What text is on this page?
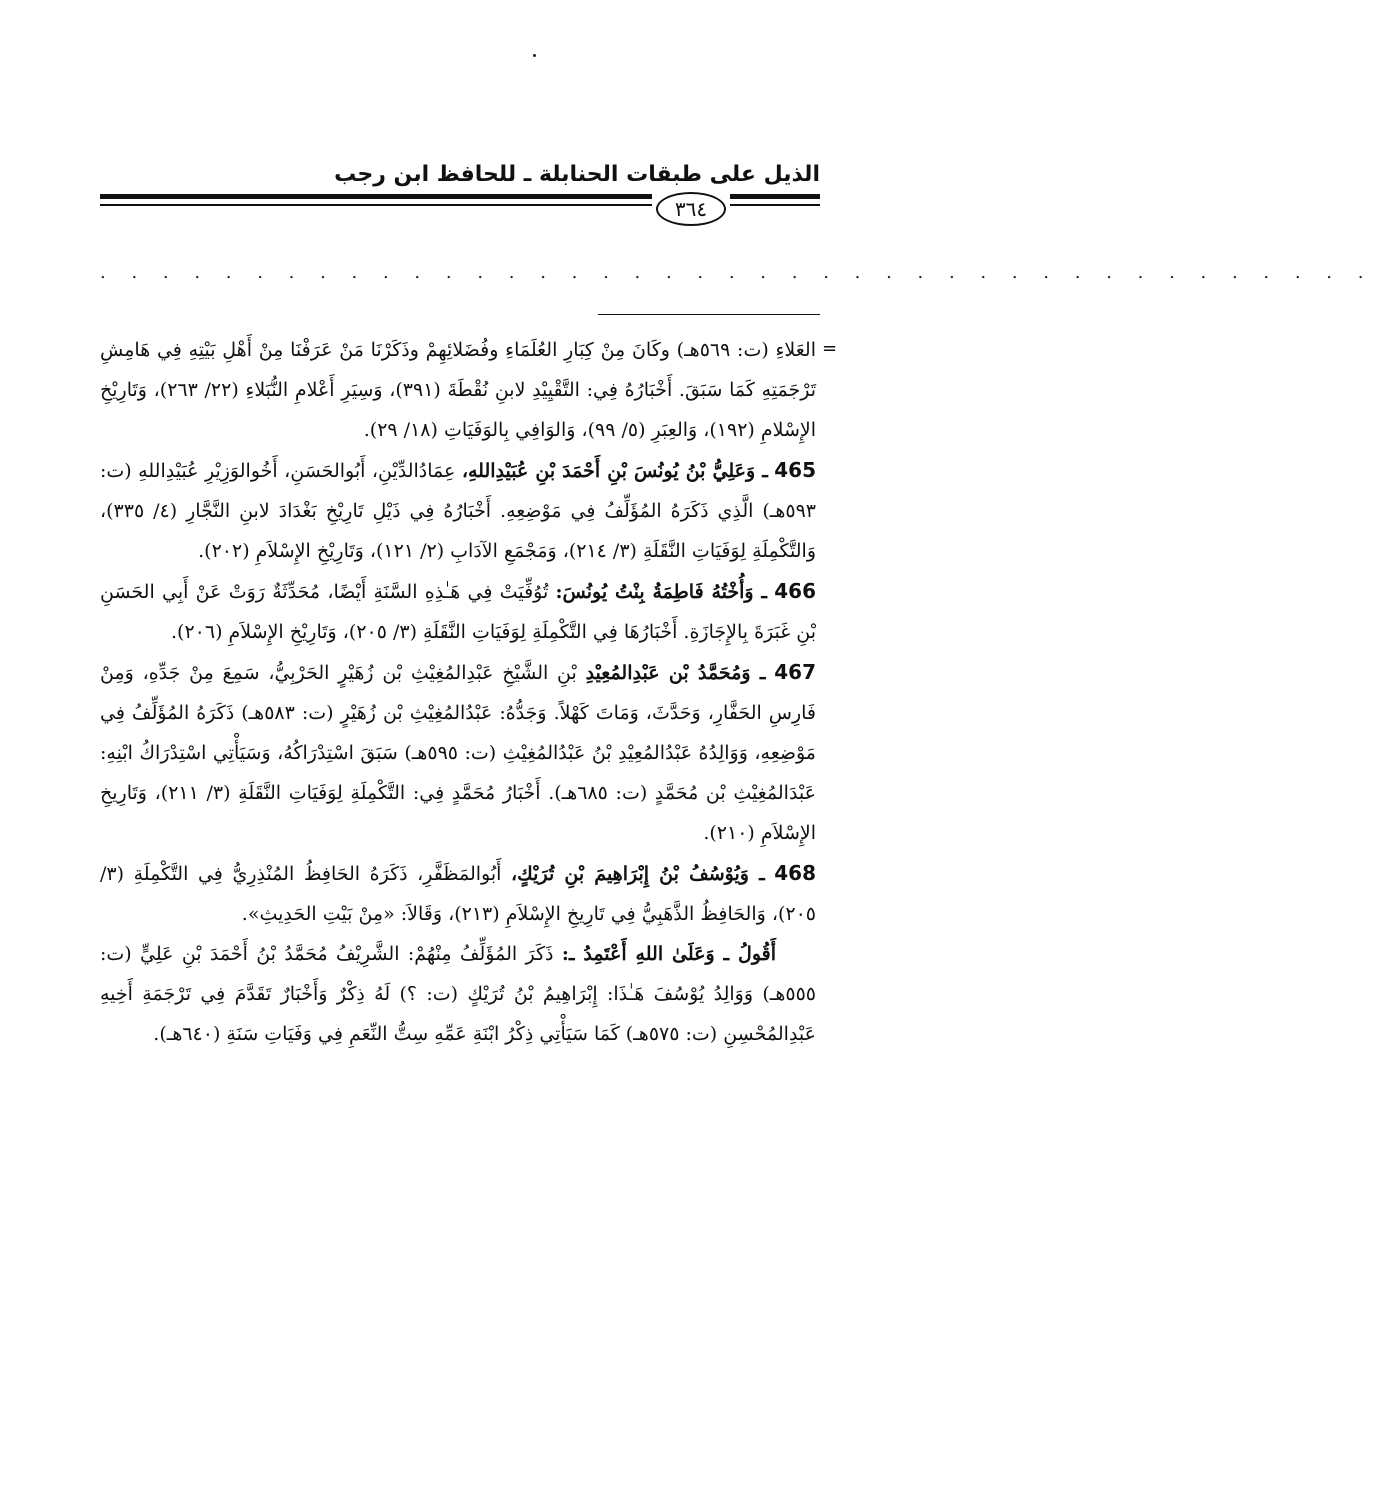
الذيل على طبقات الحنابلة ـ للحافظ ابن رجب
٣٦٤
. . . . . . . . . . . . . . . . . . . . . . . . . . . . . . . . . . . . . . . . .
=

العَلاءِ (ت: ٥٦٩هـ) وكَانَ مِنْ كِبَارِ العُلَمَاءِ وفُضَلائِهِمْ وذَكَرْنَا مَنْ عَرَفْنَا مِنْ أَهْلِ بَيْتِهِ فِي هَامِشِ تَرْجَمَتِهِ كَمَا سَبَقَ. أَخْبَارُهُ فِي: التَّقْيِيْدِ لابنِ نُقْطَةَ (٣٩١)، وَسِيَرِ أَعْلامِ النُّبَلاءِ (٢٢/ ٢٦٣)، وَتَارِيْخِ الإِسْلامِ (١٩٢)، وَالعِبَرِ (٥/ ٩٩)، وَالوَافِي بِالوَفَيَاتِ (١٨/ ٢٩).

465 ـ وَعَلِيُّ بْنُ يُونُسَ بْنِ أَحْمَدَ بْنِ عُبَيْدِاللهِ، عِمَادُالدِّيْنِ، أَبُوالحَسَنِ، أَخُوالوَزِيْرِ عُبَيْدِاللهِ (ت: ٥٩٣هـ) الَّذِي ذَكَرَهُ المُؤَلِّفُ فِي مَوْضِعِهِ. أَخْبَارُهُ فِي ذَيْلِ تَارِيْخِ بَغْدَادَ لابنِ النَّجَّارِ (٤/ ٣٣٥)، وَالتَّكْمِلَةِ لِوَفَيَاتِ النَّقَلَةِ (٣/ ٢١٤)، وَمَجْمَعِ الآدَابِ (٢/ ١٢١)، وَتَارِيْخِ الإِسْلاَمِ (٢٠٢).

466 ـ وَأُخْتُهُ فَاطِمَةُ بِنْتُ يُونُسَ: تُوُفِّيَتْ فِي هَـٰذِهِ السَّنَةِ أَيْضًا، مُحَدِّثَةٌ رَوَتْ عَنْ أَبِي الحَسَنِ بْنِ غَبَرَةَ بِالإِجَازَةِ. أَخْبَارُهَا فِي التَّكْمِلَةِ لِوَفَيَاتِ النَّقَلَةِ (٣/ ٢٠٥)، وَتَارِيْخِ الإِسْلاَمِ (٢٠٦).

467 ـ وَمُحَمَّدُ بْن عَبْدِالمُعِيْدِ بْنِ الشَّيْخِ عَبْدِالمُغِيْثِ بْن زُهَيْرٍ الحَرْبِيُّ، سَمِعَ مِنْ جَدِّهِ، وَمِنْ فَارِسِ الحَفَّارِ، وَحَدَّثَ، وَمَاتَ كَهْلاً. وَجَدُّهُ: عَبْدُالمُغِيْثِ بْن زُهَيْرٍ (ت: ٥٨٣هـ) ذَكَرَهُ المُؤَلِّفُ فِي مَوْضِعِهِ، وَوَالِدُهُ عَبْدُالمُعِيْدِ بْنُ عَبْدُالمُغِيْثِ (ت: ٥٩٥هـ) سَبَقَ اسْتِدْرَاكُهُ، وَسَيَأْتِي اسْتِدْرَاكُ ابْنِهِ: عَبْدَالمُغِيْثِ بْن مُحَمَّدٍ (ت: ٦٨٥هـ). أَخْبَارُ مُحَمَّدٍ فِي: التَّكْمِلَةِ لِوَفَيَاتِ النَّقَلَةِ (٣/ ٢١١)، وَتَارِيخِ الإِسْلاَمِ (٢١٠).

468 ـ وَيُوْسُفُ بْنُ إِبْرَاهِيمَ بْنِ تُرَيْكٍ، أَبُوالمَظَفَّرِ، ذَكَرَهُ الحَافِظُ المُنْذِرِيُّ فِي التَّكْمِلَةِ (٣/ ٢٠٥)، وَالحَافِظُ الذَّهَبِيُّ فِي تَارِيخِ الإِسْلاَمِ (٢١٣)، وَقَالاَ: «مِنْ بَيْتِ الحَدِيثِ».

أَقُولُ ـ وَعَلَىٰ اللهِ أَعْتَمِدُ ـ: ذَكَرَ المُؤَلِّفُ مِنْهُمْ: الشَّرِيْفُ مُحَمَّدُ بْنُ أَحْمَدَ بْنِ عَلِيٍّ (ت: ٥٥٥هـ) وَوَالِدُ يُوْسُفَ هَـٰذَا: إِبْرَاهِيمُ بْنُ تُرَيْكٍ (ت: ؟) لَهُ ذِكْرٌ وَأَخْبَارٌ تَقَدَّمَ فِي تَرْجَمَةِ أَخِيهِ عَبْدِالمُحْسِنِ (ت: ٥٧٥هـ) كَمَا سَيَأْتِي ذِكْرُ ابْنَةِ عَمِّهِ سِتُّ النِّعَمِ فِي وَفَيَاتِ سَنَةِ (٦٤٠هـ).
